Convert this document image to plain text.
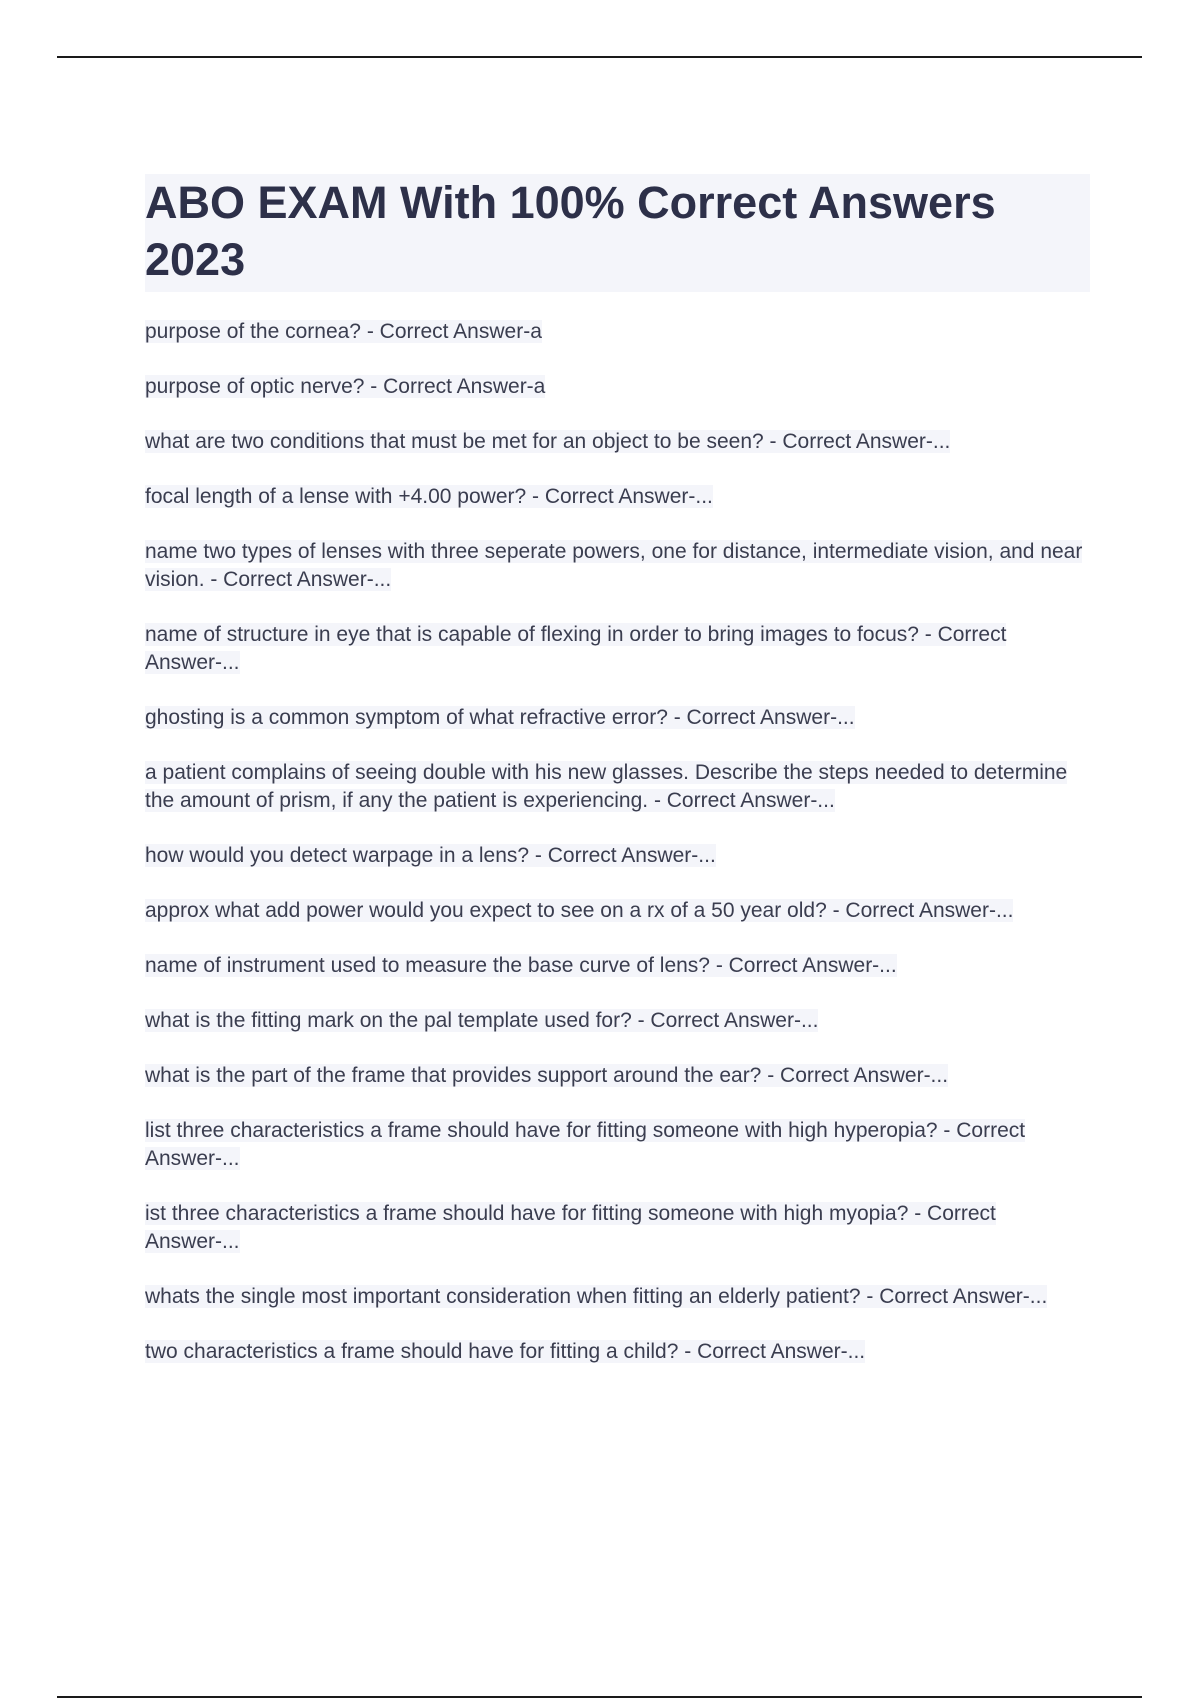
ABO EXAM With 100% Correct Answers 2023
purpose of the cornea? - Correct Answer-a
purpose of optic nerve? - Correct Answer-a
what are two conditions that must be met for an object to be seen? - Correct Answer-...
focal length of a lense with +4.00 power? - Correct Answer-...
name two types of lenses with three seperate powers, one for distance, intermediate vision, and near vision. - Correct Answer-...
name of structure in eye that is capable of flexing in order to bring images to focus? - Correct Answer-...
ghosting is a common symptom of what refractive error? - Correct Answer-...
a patient complains of seeing double with his new glasses. Describe the steps needed to determine the amount of prism, if any the patient is experiencing. - Correct Answer-...
how would you detect warpage in a lens? - Correct Answer-...
approx what add power would you expect to see on a rx of a 50 year old? - Correct Answer-...
name of instrument used to measure the base curve of lens? - Correct Answer-...
what is the fitting mark on the pal template used for? - Correct Answer-...
what is the part of the frame that provides support around the ear? - Correct Answer-...
list three characteristics a frame should have for fitting someone with high hyperopia? - Correct Answer-...
ist three characteristics a frame should have for fitting someone with high myopia? - Correct Answer-...
whats the single most important consideration when fitting an elderly patient? - Correct Answer-...
two characteristics a frame should have for fitting a child? - Correct Answer-...
